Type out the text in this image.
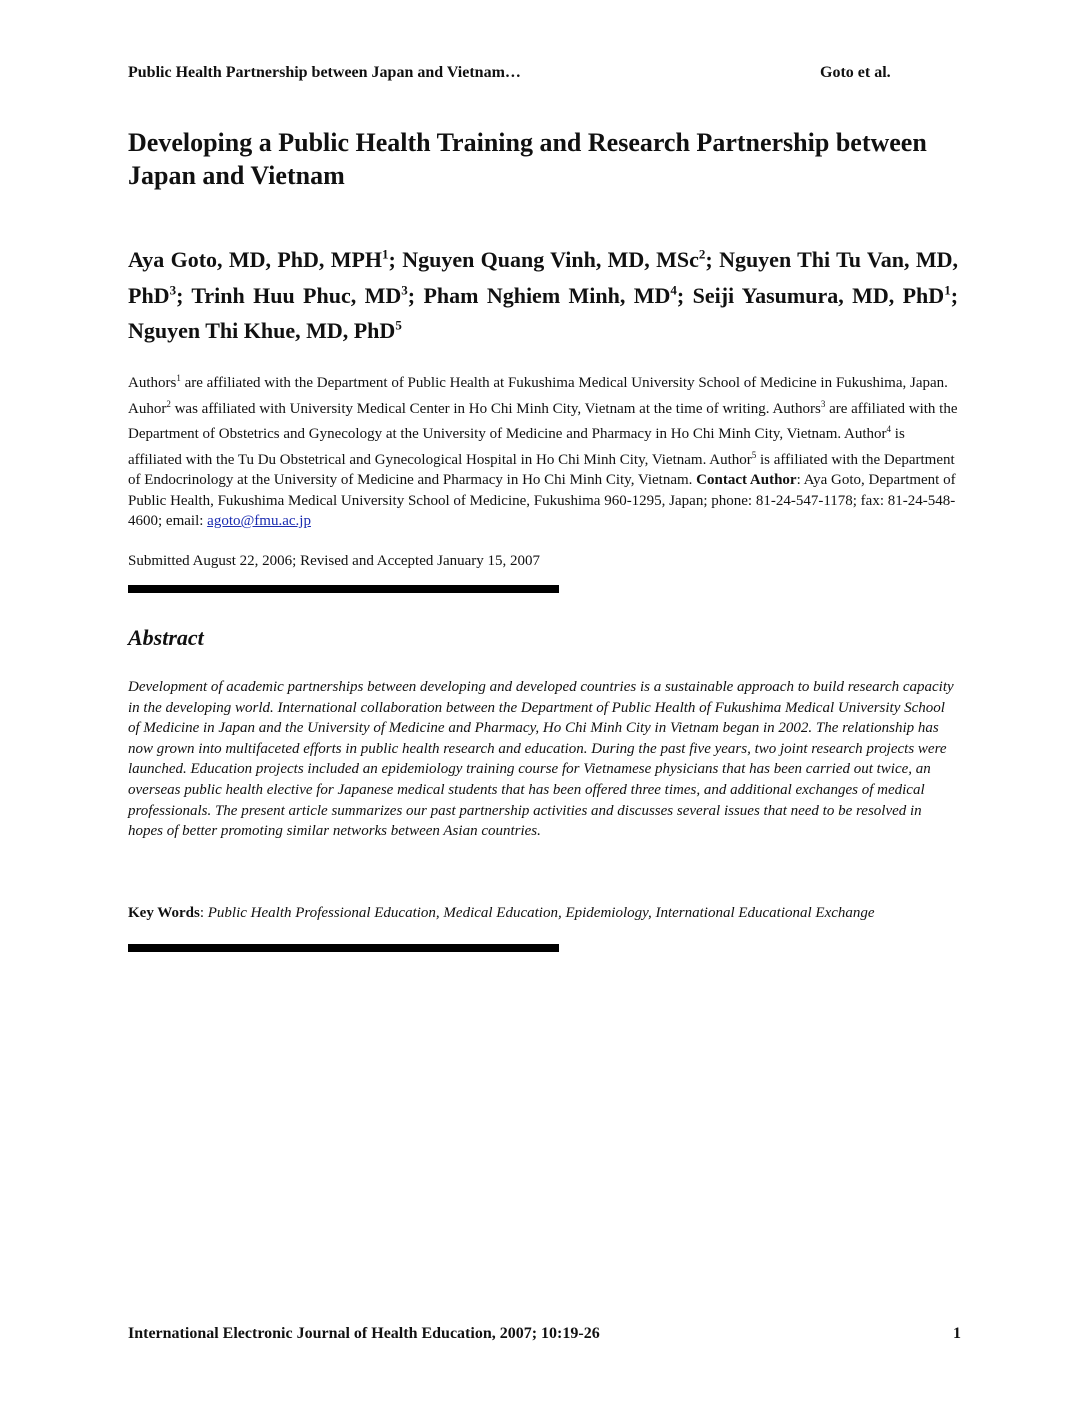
Public Health Partnership between Japan and Vietnam…	Goto et al.
Developing a Public Health Training and Research Partnership between Japan and Vietnam
Aya Goto, MD, PhD, MPH$^1$; Nguyen Quang Vinh, MD, MSc$^2$; Nguyen Thi Tu Van, MD, PhD$^3$; Trinh Huu Phuc, $MD^3$; Pham Nghiem Minh, $MD^4$; Seiji Yasumura, MD, PhD$^1$; Nguyen Thi Khue, MD, PhD$^5$
Authors$^1$ are affiliated with the Department of Public Health at Fukushima Medical University School of Medicine in Fukushima, Japan. Auhor$^2$ was affiliated with University Medical Center in Ho Chi Minh City, Vietnam at the time of writing. Authors$^3$ are affiliated with the Department of Obstetrics and Gynecology at the University of Medicine and Pharmacy in Ho Chi Minh City, Vietnam. Author$^4$ is affiliated with the Tu Du Obstetrical and Gynecological Hospital in Ho Chi Minh City, Vietnam. Author$^5$ is affiliated with the Department of Endocrinology at the University of Medicine and Pharmacy in Ho Chi Minh City, Vietnam. Contact Author: Aya Goto, Department of Public Health, Fukushima Medical University School of Medicine, Fukushima 960-1295, Japan; phone: 81-24-547-1178; fax: 81-24-548-4600; email: agoto@fmu.ac.jp
Submitted August 22, 2006; Revised and Accepted January 15, 2007
Abstract
Development of academic partnerships between developing and developed countries is a sustainable approach to build research capacity in the developing world. International collaboration between the Department of Public Health of Fukushima Medical University School of Medicine in Japan and the University of Medicine and Pharmacy, Ho Chi Minh City in Vietnam began in 2002. The relationship has now grown into multifaceted efforts in public health research and education. During the past five years, two joint research projects were launched. Education projects included an epidemiology training course for Vietnamese physicians that has been carried out twice, an overseas public health elective for Japanese medical students that has been offered three times, and additional exchanges of medical professionals. The present article summarizes our past partnership activities and discusses several issues that need to be resolved in hopes of better promoting similar networks between Asian countries.
Key Words: Public Health Professional Education, Medical Education, Epidemiology, International Educational Exchange
International Electronic Journal of Health Education, 2007; 10:19-26	1
